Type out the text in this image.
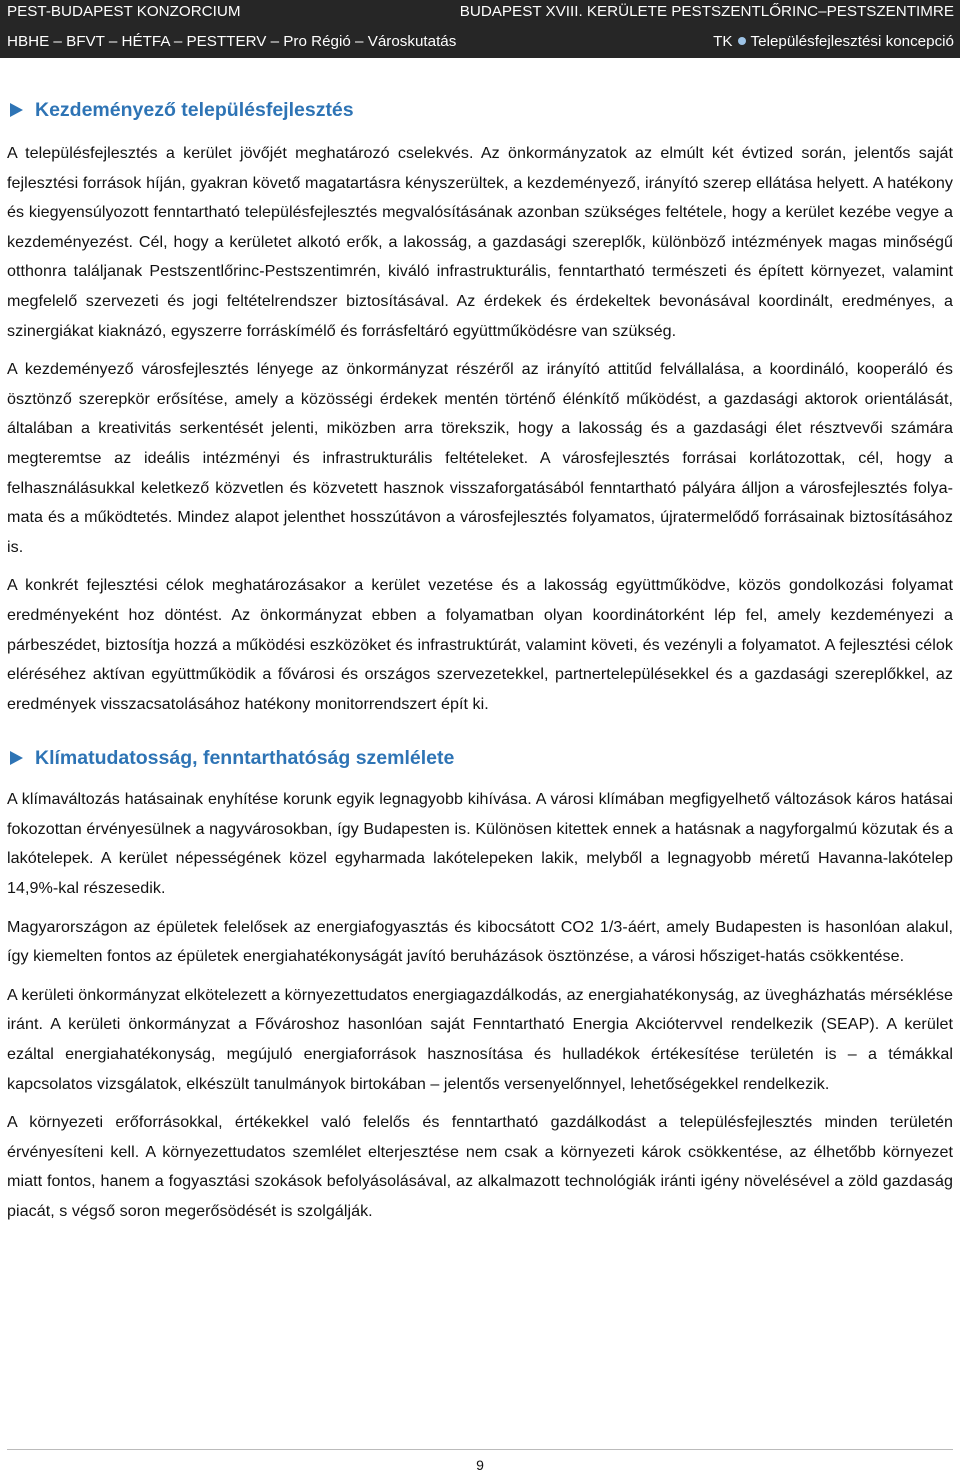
PEST-BUDAPEST KONZORCIUM	BUDAPEST XVIII. KERÜLETE PESTSZENTLŐRINC–PESTSZENTIMRE
HBHE – BFVT – HÉTFA – PESTTERV – Pro Régió – Városkutatás	TK Településfejlesztési koncepció
Kezdeményező településfejlesztés

A településfejlesztés a kerület jövőjét meghatározó cselekvés. Az önkormányzatok az elmúlt két évtized során, jelentős saját fejlesztési források híján, gyakran követő magatartásra kényszerültek, a kezdeményező, irányító szerep ellátása helyett. A hatékony és kiegyensúlyozott fenntartható településfejlesztés megvalósításának azonban szükséges feltétele, hogy a kerület kezébe vegye a kezdeményezést. Cél, hogy a kerületet alkotó erők, a lakosság, a gazdasági szereplők, különböző intézmények magas minőségű otthonra találjanak Pestszentlőrinc-Pestszentimrén, kiváló infrastrukturális, fenntartható természeti és épített környezet, valamint megfelelő szervezeti és jogi feltételrendszer biztosításával. Az érdekek és érdekeltek bevonásával koordinált, eredményes, a szinergiákat kiaknázó, egyszerre forráskímélő és forrásfeltáró együttműködésre van szükség.

A kezdeményező városfejlesztés lényege az önkormányzat részéről az irányító attitűd felvállalása, a koordináló, kooperáló és ösztönző szerepkör erősítése, amely a közösségi érdekek mentén történő élénkítő működést, a gazdasági aktorok orientálását, általában a kreativitás serkentését jelenti, miközben arra törekszik, hogy a lakosság és a gazdasági élet résztvevői számára megteremtse az ideális intézményi és infrastrukturális feltételeket. A városfejlesztés forrásai korlátozottak, cél, hogy a felhasználásukkal keletkező közvetlen és közvetett hasznok visszaforgatásából fenntartható pályára álljon a városfejlesztés folyamata és a működtetés. Mindez alapot jelenthet hosszútávon a városfejlesztés folyamatos, újratermelődő forrásainak biztosításához is.

A konkrét fejlesztési célok meghatározásakor a kerület vezetése és a lakosság együttműködve, közös gondolkozási folyamat eredményeként hoz döntést. Az önkormányzat ebben a folyamatban olyan koordinátorként lép fel, amely kezdeményezi a párbeszédet, biztosítja hozzá a működési eszközöket és infrastruktúrát, valamint követi, és vezényli a folyamatot. A fejlesztési célok eléréséhez aktívan együttműködik a fővárosi és országos szervezetekkel, partnertelepülésekkel és a gazdasági szereplőkkel, az eredmények visszacsatolásához hatékony monitorrendszert épít ki.

Klímatudatosság, fenntarthatóság szemlélete

A klímaváltozás hatásainak enyhítése korunk egyik legnagyobb kihívása. A városi klímában megfigyelhető változások káros hatásai fokozottan érvényesülnek a nagyvárosokban, így Budapesten is. Különösen kitettek ennek a hatásnak a nagyforgalmú közutak és a lakótelepek. A kerület népességének közel egyharmada lakótelepeken lakik, melyből a legnagyobb méretű Havanna-lakótelep 14,9%-kal részesedik.

Magyarországon az épületek felelősek az energiafogyasztás és kibocsátott CO2 1/3-áért, amely Budapesten is hasonlóan alakul, így kiemelten fontos az épületek energiahatékonyságát javító beruházások ösztönzése, a városi hősziget-hatás csökkentése.

A kerületi önkormányzat elkötelezett a környezettudatos energiagazdálkodás, az energiahatékonyság, az üvegházhatás mérséklése iránt. A kerületi önkormányzat a Fővároshoz hasonlóan saját Fenntartható Energia Akciótervvel rendelkezik (SEAP). A kerület ezáltal energiahatékonyság, megújuló energiaforrások hasznosítása és hulladékok értékesítése területén is – a témákkal kapcsolatos vizsgálatok, elkészült tanulmányok birtokában – jelentős versenyelőnnyel, lehetőségekkel rendelkezik.

A környezeti erőforrásokkal, értékekkel való felelős és fenntartható gazdálkodást a településfejlesztés minden területén érvényesíteni kell. A környezettudatos szemlélet elterjesztése nem csak a környezeti károk csökkentése, az élhetőbb környezet miatt fontos, hanem a fogyasztási szokások befolyásolásával, az alkalmazott technológiák iránti igény növelésével a zöld gazdaság piacát, s végső soron megerősödését is szolgálják.

9
